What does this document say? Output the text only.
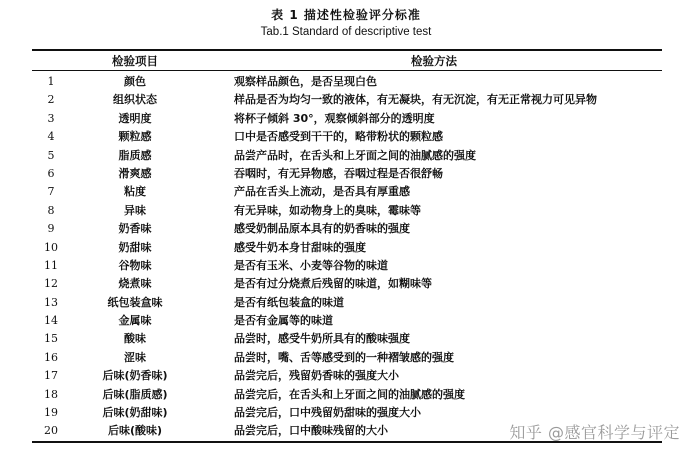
表 1 描述性检验评分标准
Tab.1 Standard of descriptive test
检验项目	检验方法
1	颜色	观察样品颜色，是否呈现白色
2	组织状态	样品是否为均匀一致的液体，有无凝块，有无沉淀，有无正常视力可见异物
3	透明度	将杯子倾斜 30°，观察倾斜部分的透明度
4	颗粒感	口中是否感受到干干的，略带粉状的颗粒感
5	脂质感	品尝产品时，在舌头和上牙面之间的油腻感的强度
6	滑爽感	吞咽时，有无异物感，吞咽过程是否很舒畅
7	粘度	产品在舌头上流动，是否具有厚重感
8	异味	有无异味，如动物身上的臭味，霉味等
9	奶香味	感受奶制品原本具有的奶香味的强度
10	奶甜味	感受牛奶本身甘甜味的强度
11	谷物味	是否有玉米、小麦等谷物的味道
12	烧煮味	是否有过分烧煮后残留的味道，如糊味等
13	纸包装盒味	是否有纸包装盒的味道
14	金属味	是否有金属等的味道
15	酸味	品尝时，感受牛奶所具有的酸味强度
16	涩味	品尝时，嘴、舌等感受到的一种褶皱感的强度
17	后味(奶香味)	品尝完后，残留奶香味的强度大小
18	后味(脂质感)	品尝完后，在舌头和上牙面之间的油腻感的强度
19	后味(奶甜味)	品尝完后，口中残留奶甜味的强度大小
20	后味(酸味)	品尝完后，口中酸味残留的大小	知乎 @感官科学与评定
